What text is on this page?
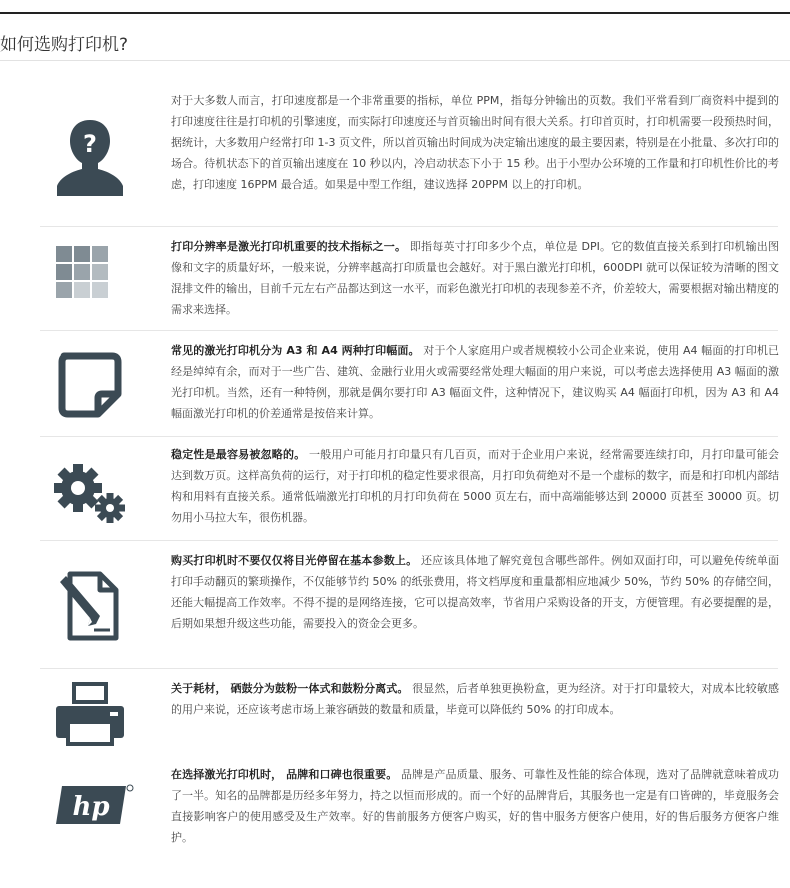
如何选购打印机?
?

对于大多数人而言，打印速度都是一个非常重要的指标，单位 PPM，指每分钟输出的页数。我们平常看到厂商资料中提到的打印速度往往是打印机的引擎速度，而实际打印速度还与首页输出时间有很大关系。打印首页时，打印机需要一段预热时间，据统计，大多数用户经常打印 1-3 页文件，所以首页输出时间成为决定输出速度的最主要因素，特别是在小批量、多次打印的场合。待机状态下的首页输出速度在 10 秒以内，冷启动状态下小于 15 秒。出于小型办公环境的工作量和打印机性价比的考虑，打印速度 16PPM 最合适。如果是中型工作组，建议选择 20PPM 以上的打印机。

打印分辨率是激光打印机重要的技术指标之一。 即指每英寸打印多少个点，单位是 DPI。它的数值直接关系到打印机输出图像和文字的质量好坏，一般来说，分辨率越高打印质量也会越好。对于黑白激光打印机，600DPI 就可以保证较为清晰的图文混排文件的输出，目前千元左右产品都达到这一水平，而彩色激光打印机的表现参差不齐，价差较大，需要根据对输出精度的需求来选择。

常见的激光打印机分为 A3 和 A4 两种打印幅面。 对于个人家庭用户或者规模较小公司企业来说，使用 A4 幅面的打印机已经是绰绰有余，而对于一些广告、建筑、金融行业用火或需要经常处理大幅面的用户来说，可以考虑去选择使用 A3 幅面的激光打印机。当然，还有一种特例，那就是偶尔要打印 A3 幅面文件，这种情况下，建议购买 A4 幅面打印机，因为 A3 和 A4 幅面激光打印机的价差通常是按倍来计算。

稳定性是最容易被忽略的。 一般用户可能月打印量只有几百页，而对于企业用户来说，经常需要连续打印，月打印量可能会达到数万页。这样高负荷的运行，对于打印机的稳定性要求很高，月打印负荷绝对不是一个虚标的数字，而是和打印机内部结构和用料有直接关系。通常低端激光打印机的月打印负荷在 5000 页左右，而中高端能够达到 20000 页甚至 30000 页。切勿用小马拉大车，很伤机器。

购买打印机时不要仅仅将目光停留在基本参数上。 还应该具体地了解究竟包含哪些部件。例如双面打印，可以避免传统单面打印手动翻页的繁琐操作，不仅能够节约 50% 的纸张费用，将文档厚度和重量都相应地减少 50%，节约 50% 的存储空间，还能大幅提高工作效率。不得不提的是网络连接，它可以提高效率，节省用户采购设备的开支，方便管理。有必要提醒的是，后期如果想升级这些功能，需要投入的资金会更多。

关于耗材， 硒鼓分为鼓粉一体式和鼓粉分离式。 很显然，后者单独更换粉盒，更为经济。对于打印量较大，对成本比较敏感的用户来说，还应该考虑市场上兼容硒鼓的数量和质量，毕竟可以降低约 50% 的打印成本。

hp

在选择激光打印机时， 品牌和口碑也很重要。 品牌是产品质量、服务、可靠性及性能的综合体现，选对了品牌就意味着成功了一半。知名的品牌都是历经多年努力，持之以恒而形成的。而一个好的品牌背后，其服务也一定是有口皆碑的，毕竟服务会直接影响客户的使用感受及生产效率。好的售前服务方便客户购买，好的售中服务方便客户使用，好的售后服务方便客户维护。
